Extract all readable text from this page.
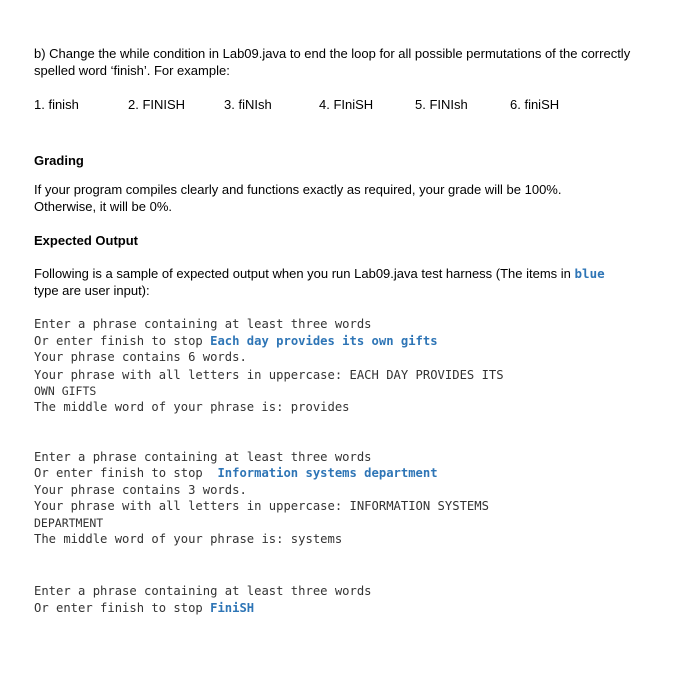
b) Change the while condition in Lab09.java to end the loop for all possible permutations of the correctly
spelled word ‘finish’. For example:
1. finish	2. FINISH	3. fiNIsh	4. FIniSH	5. FINIsh	6. finiSH
Grading
If your program compiles clearly and functions exactly as required, your grade will be 100%.
Otherwise, it will be 0%.
Expected Output
Following is a sample of expected output when you run Lab09.java test harness (The items in blue
type are user input):
Enter a phrase containing at least three words
Or enter finish to stop Each day provides its own gifts
Your phrase contains 6 words.
Your phrase with all letters in uppercase: EACH DAY PROVIDES ITS
OWN GIFTS
The middle word of your phrase is: provides
Enter a phrase containing at least three words
Or enter finish to stop  Information systems department
Your phrase contains 3 words.
Your phrase with all letters in uppercase: INFORMATION SYSTEMS
DEPARTMENT
The middle word of your phrase is: systems
Enter a phrase containing at least three words
Or enter finish to stop FiniSH
